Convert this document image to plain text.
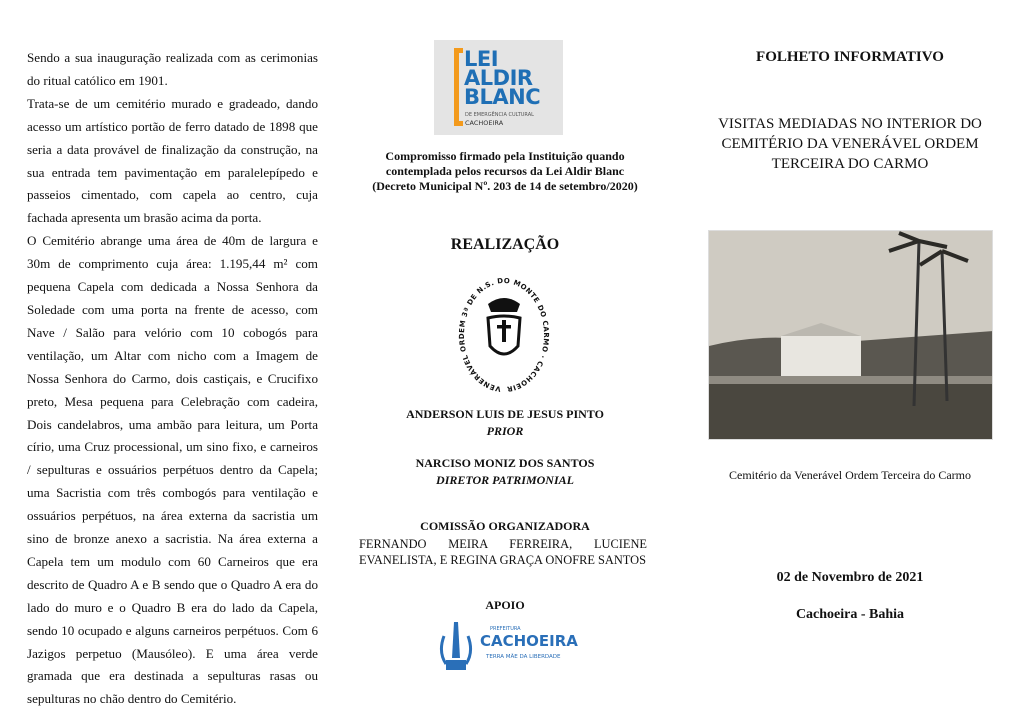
Sendo a sua inauguração realizada com as cerimonias do ritual católico em 1901.

Trata-se de um cemitério murado e gradeado, dando acesso um artístico portão de ferro datado de 1898 que seria a data provável de finalização da construção, na sua entrada tem pavimentação em paralelepípedo e passeios cimentado, com capela ao centro, cuja fachada apresenta um brasão acima da porta.

O Cemitério abrange uma área de 40m de largura e 30m de comprimento cuja área: 1.195,44 m² com pequena Capela com dedicada a Nossa Senhora da Soledade com uma porta na frente de acesso, com Nave / Salão para velório com 10 cobogós para ventilação, um Altar com nicho com a Imagem de Nossa Senhora do Carmo, dois castiçais, e Crucifixo preto, Mesa pequena para Celebração com cadeira, Dois candelabros, uma ambão para leitura, um Porta círio, uma Cruz processional, um sino fixo, e carneiros / sepulturas e ossuários perpétuos dentro da Capela; uma Sacristia com três combogós para ventilação e ossuários perpétuos, na área externa da sacristia um sino de bronze anexo a sacristia. Na área externa a Capela tem um modulo com 60 Carneiros que era descrito de Quadro A e B sendo que o Quadro A era do lado do muro e o Quadro B era do lado da Capela, sendo 10 ocupado e alguns carneiros perpétuos. Com 6 Jazigos perpetuo (Mausóleo). E uma área verde gramada que era destinada a sepulturas rasas ou sepulturas no chão dentro do Cemitério.

LEI
ALDIR
BLANC
DE EMERGÊNCIA CULTURAL
CACHOEIRA
Compromisso firmado pela Instituição quando
contemplada pelos recursos da Lei Aldir Blanc
(Decreto Municipal Nº. 203 de 14 de setembro/2020)
REALIZAÇÃO
VENERÁVEL ORDEM 3ª DE N.S. DO MONTE DO CARMO · CACHOEIRA
ANDERSON LUIS DE JESUS PINTO
PRIOR
NARCISO MONIZ DOS SANTOS
DIRETOR PATRIMONIAL
COMISSÃO ORGANIZADORA
FERNANDO MEIRA FERREIRA, LUCIENE EVANELISTA, E REGINA GRAÇA ONOFRE SANTOS
APOIO
PREFEITURA
CACHOEIRA
TERRA MÃE DA LIBERDADE
FOLHETO INFORMATIVO
VISITAS MEDIADAS NO INTERIOR DO
CEMITÉRIO DA VENERÁVEL ORDEM
TERCEIRA DO CARMO
Cemitério da Venerável Ordem Terceira do Carmo
02 de Novembro de 2021
Cachoeira - Bahia
